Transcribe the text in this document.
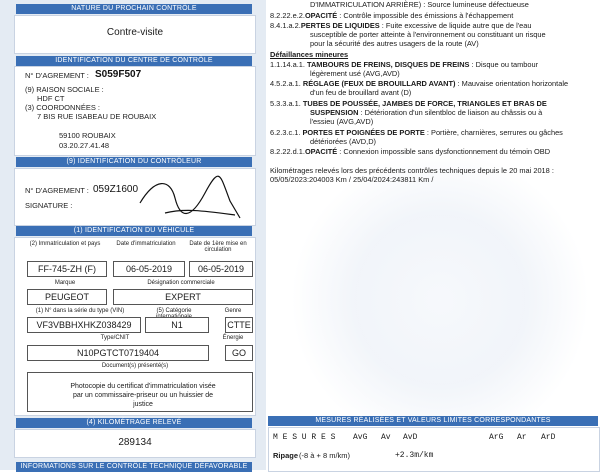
NATURE DU PROCHAIN CONTRÔLE
Contre-visite
IDENTIFICATION DU CENTRE DE CONTRÔLE
N° D'AGREMENT : S059F507
(9) RAISON SOCIALE :
HDF CT
(3) COORDONNÉES :
7 BIS RUE ISABEAU DE ROUBAIX
59100 ROUBAIX
03.20.27.41.48
(9) IDENTIFICATION DU CONTRÔLEUR
N° D'AGREMENT : 059Z1600
SIGNATURE :
(1) IDENTIFICATION DU VÉHICULE
(2) Immatriculation et pays	Date d'immatriculation	Date de 1ère mise en circulation
FF-745-ZH (F)	06-05-2019	06-05-2019
Marque	Désignation commerciale
PEUGEOT	EXPERT
(1) N° dans la série du type (VIN)	(5) Catégorie	Genre
VF3VBBHXHKZ038429	N1	CTTE
Type/CNIT	Énergie
N10PGTCT0719404	GO
Document(s) présenté(s)
Photocopie du certificat d'immatriculation visée par un commissaire-priseur ou un huissier de justice
(4) KILOMÉTRAGE RELEVÉ
289134
INFORMATIONS SUR LE CONTRÔLE TECHNIQUE DÉFAVORABLE
D'IMMATRICULATION ARRIÈRE) : Source lumineuse défectueuse
8.2.22.e.2.OPACITÉ : Contrôle impossible des émissions à l'échappement
8.4.1.a.2.PERTES DE LIQUIDES : Fuite excessive de liquide autre que de l'eau
susceptible de porter atteinte à l'environnement ou constituant un risque
pour la sécurité des autres usagers de la route (AV)
Défaillances mineures
1.1.14.a.1. TAMBOURS DE FREINS, DISQUES DE FREINS : Disque ou tambour
légèrement usé (AVG,AVD)
4.5.2.a.1. RÉGLAGE (FEUX DE BROUILLARD AVANT) : Mauvaise orientation horizontale
d'un feu de brouillard avant (D)
5.3.3.a.1. TUBES DE POUSSÉE, JAMBES DE FORCE, TRIANGLES ET BRAS DE
SUSPENSION : Détérioration d'un silentbloc de liaison au châssis ou à
l'essieu (AVG,AVD)
6.2.3.c.1. PORTES ET POIGNÉES DE PORTE : Portière, charnières, serrures ou gâches
détériorées (AVD,D)
8.2.22.d.1.OPACITÉ : Connexion impossible sans dysfonctionnement du témoin OBD
Kilométrages relevés lors des précédents contrôles techniques depuis le 20 mai 2018 :
05/05/2023:204003 Km / 25/04/2024:243811 Km /
MESURES RÉALISÉES ET VALEURS LIMITES CORRESPONDANTES
M E S U R E S AvG Av AvD	ArG Ar ArD
Ripage (-8 à + 8 m/km)	+2.3m/km
